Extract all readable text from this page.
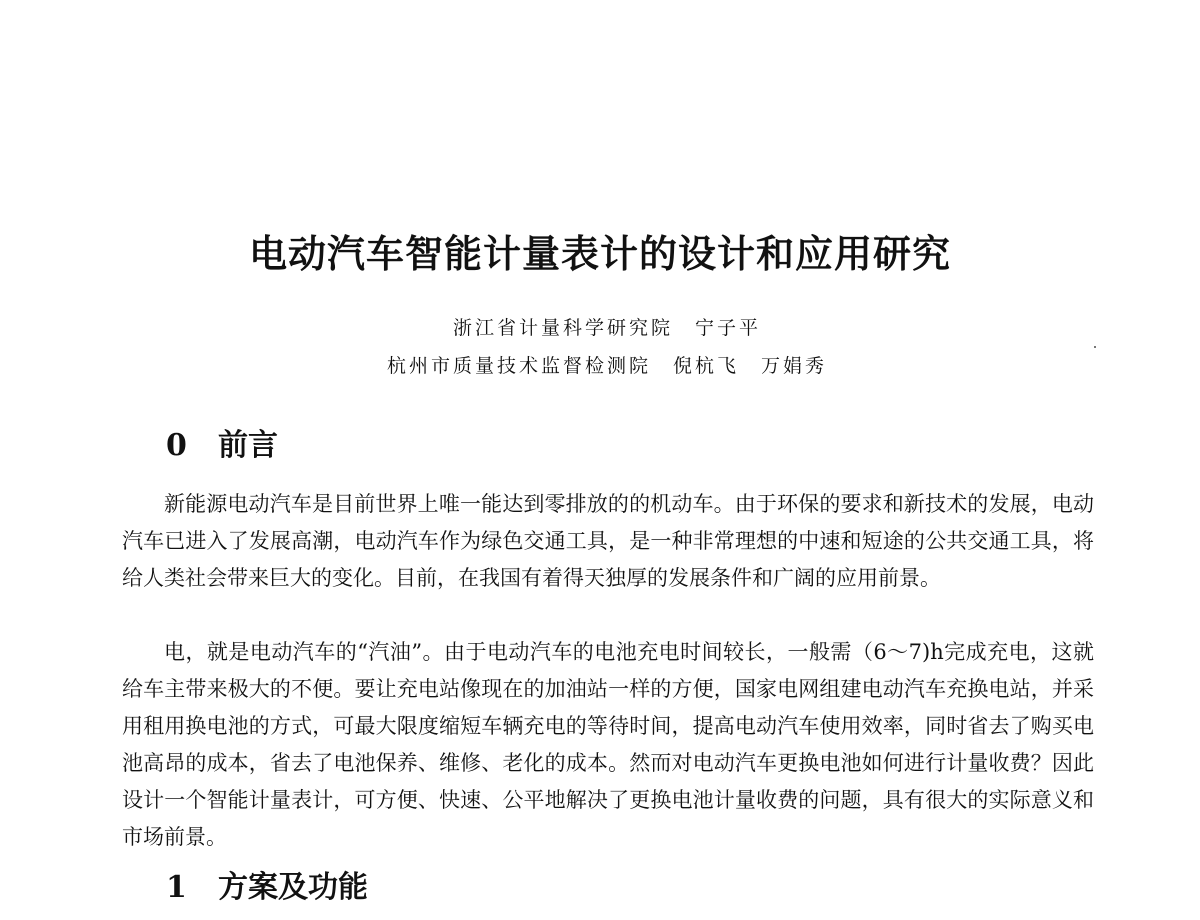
电动汽车智能计量表计的设计和应用研究
浙江省计量科学研究院 宁子平
杭州市质量技术监督检测院 倪杭飞　万娟秀
0 前言

新能源电动汽车是目前世界上唯一能达到零排放的的机动车。由于环保的要求和新技术的发展，电动汽车已进入了发展高潮，电动汽车作为绿色交通工具，是一种非常理想的中速和短途的公共交通工具，将给人类社会带来巨大的变化。目前，在我国有着得天独厚的发展条件和广阔的应用前景。

电，就是电动汽车的“汽油”。由于电动汽车的电池充电时间较长，一般需（6～7)h完成充电，这就给车主带来极大的不便。要让充电站像现在的加油站一样的方便，国家电网组建电动汽车充换电站，并采用租用换电池的方式，可最大限度缩短车辆充电的等待时间，提高电动汽车使用效率，同时省去了购买电池高昂的成本，省去了电池保养、维修、老化的成本。然而对电动汽车更换电池如何进行计量收费？因此设计一个智能计量表计，可方便、快速、公平地解决了更换电池计量收费的问题，具有很大的实际意义和市场前景。

1 方案及功能
